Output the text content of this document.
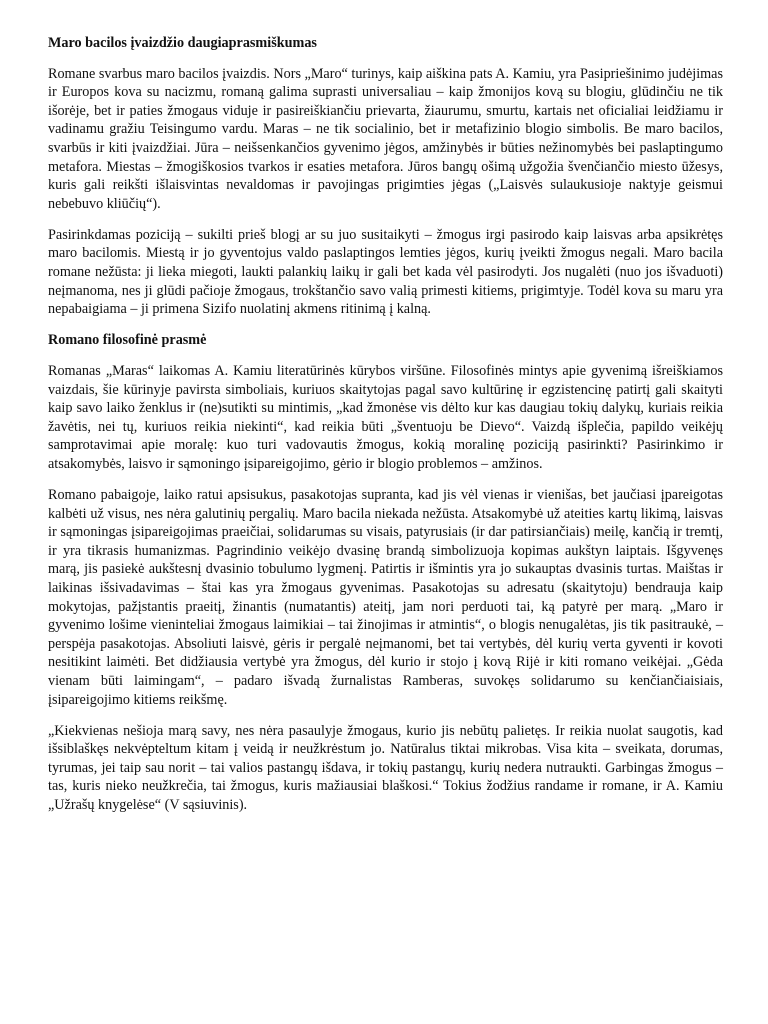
Maro bacilos įvaizdžio daugiaprasmiškumas

Romane svarbus maro bacilos įvaizdis. Nors „Maro“ turinys, kaip aiškina pats A. Kamiu, yra Pasipriešinimo judėjimas ir Europos kova su nacizmu, romaną galima suprasti universaliau – kaip žmonijos kovą su blogiu, glūdinčiu ne tik išorėje, bet ir paties žmogaus viduje ir pasireiškiančiu prievarta, žiaurumu, smurtu, kartais net oficialiai leidžiamu ir vadinamu gražiu Teisingumo vardu. Maras – ne tik socialinio, bet ir metafizinio blogio simbolis. Be maro bacilos, svarbūs ir kiti įvaizdžiai. Jūra – neišsenkančios gyvenimo jėgos, amžinybės ir būties nežinomybės bei paslaptingumo metafora. Miestas – žmogiškosios tvarkos ir esaties metafora. Jūros bangų ošimą užgožia švenčiančio miesto ūžesys, kuris gali reikšti išlaisvintas nevaldomas ir pavojingas prigimties jėgas („Laisvės sulaukusioje naktyje geismui nebebuvo kliūčių“).

Pasirinkdamas poziciją – sukilti prieš blogį ar su juo susitaikyti – žmogus irgi pasirodo kaip laisvas arba apsikrėtęs maro bacilomis. Miestą ir jo gyventojus valdo paslaptingos lemties jėgos, kurių įveikti žmogus negali. Maro bacila romane nežūsta: ji lieka miegoti, laukti palankių laikų ir gali bet kada vėl pasirodyti. Jos nugalėti (nuo jos išvaduoti) neįmanoma, nes ji glūdi pačioje žmogaus, trokštančio savo valią primesti kitiems, prigimtyje. Todėl kova su maru yra nepabaigiama – ji primena Sizifo nuolatinį akmens ritinimą į kalną.

Romano filosofinė prasmė

Romanas „Maras“ laikomas A. Kamiu literatūrinės kūrybos viršūne. Filosofinės mintys apie gyvenimą išreiškiamos vaizdais, šie kūrinyje pavirsta simboliais, kuriuos skaitytojas pagal savo kultūrinę ir egzistencinę patirtį gali skaityti kaip savo laiko ženklus ir (ne)sutikti su mintimis, „kad žmonėse vis dėlto kur kas daugiau tokių dalykų, kuriais reikia žavėtis, nei tų, kuriuos reikia niekinti“, kad reikia būti „šventuoju be Dievo“. Vaizdą išplečia, papildo veikėjų samprotavimai apie moralę: kuo turi vadovautis žmogus, kokią moralinę poziciją pasirinkti? Pasirinkimo ir atsakomybės, laisvo ir sąmoningo įsipareigojimo, gėrio ir blogio problemos – amžinos.

Romano pabaigoje, laiko ratui apsisukus, pasakotojas supranta, kad jis vėl vienas ir vienišas, bet jaučiasi įpareigotas kalbėti už visus, nes nėra galutinių pergalių. Maro bacila niekada nežūsta. Atsakomybė už ateities kartų likimą, laisvas ir sąmoningas įsipareigojimas praeičiai, solidarumas su visais, patyrusiais (ir dar patirsiančiais) meilę, kančią ir tremtį, ir yra tikrasis humanizmas. Pagrindinio veikėjo dvasinę brandą simbolizuoja kopimas aukštyn laiptais. Išgyvenęs marą, jis pasiekė aukštesnį dvasinio tobulumo lygmenį. Patirtis ir išmintis yra jo sukauptas dvasinis turtas. Maištas ir laikinas išsivadavimas – štai kas yra žmogaus gyvenimas. Pasakotojas su adresatu (skaitytoju) bendrauja kaip mokytojas, pažįstantis praeitį, žinantis (numatantis) ateitį, jam nori perduoti tai, ką patyrė per marą. „Maro ir gyvenimo lošime vieninteliai žmogaus laimikiai – tai žinojimas ir atmintis“, o blogis nenugalėtas, jis tik pasitraukė, – perspėja pasakotojas. Absoliuti laisvė, gėris ir pergalė neįmanomi, bet tai vertybės, dėl kurių verta gyventi ir kovoti nesitikint laimėti. Bet didžiausia vertybė yra žmogus, dėl kurio ir stojo į kovą Rijė ir kiti romano veikėjai. „Gėda vienam būti laimingam“, – padaro išvadą žurnalistas Ramberas, suvokęs solidarumo su kenčiančiaisiais, įsipareigojimo kitiems reikšmę.

„Kiekvienas nešioja marą savy, nes nėra pasaulyje žmogaus, kurio jis nebūtų palietęs. Ir reikia nuolat saugotis, kad išsiblaškęs nekvėpteltum kitam į veidą ir neužkrėstum jo. Natūralus tiktai mikrobas. Visa kita – sveikata, dorumas, tyrumas, jei taip sau norit – tai valios pastangų išdava, ir tokių pastangų, kurių nedera nutraukti. Garbingas žmogus – tas, kuris nieko neužkrečia, tai žmogus, kuris mažiausiai blaškosi.“ Tokius žodžius randame ir romane, ir A. Kamiu „Užrašų knygelėse“ (V sąsiuvinis).
